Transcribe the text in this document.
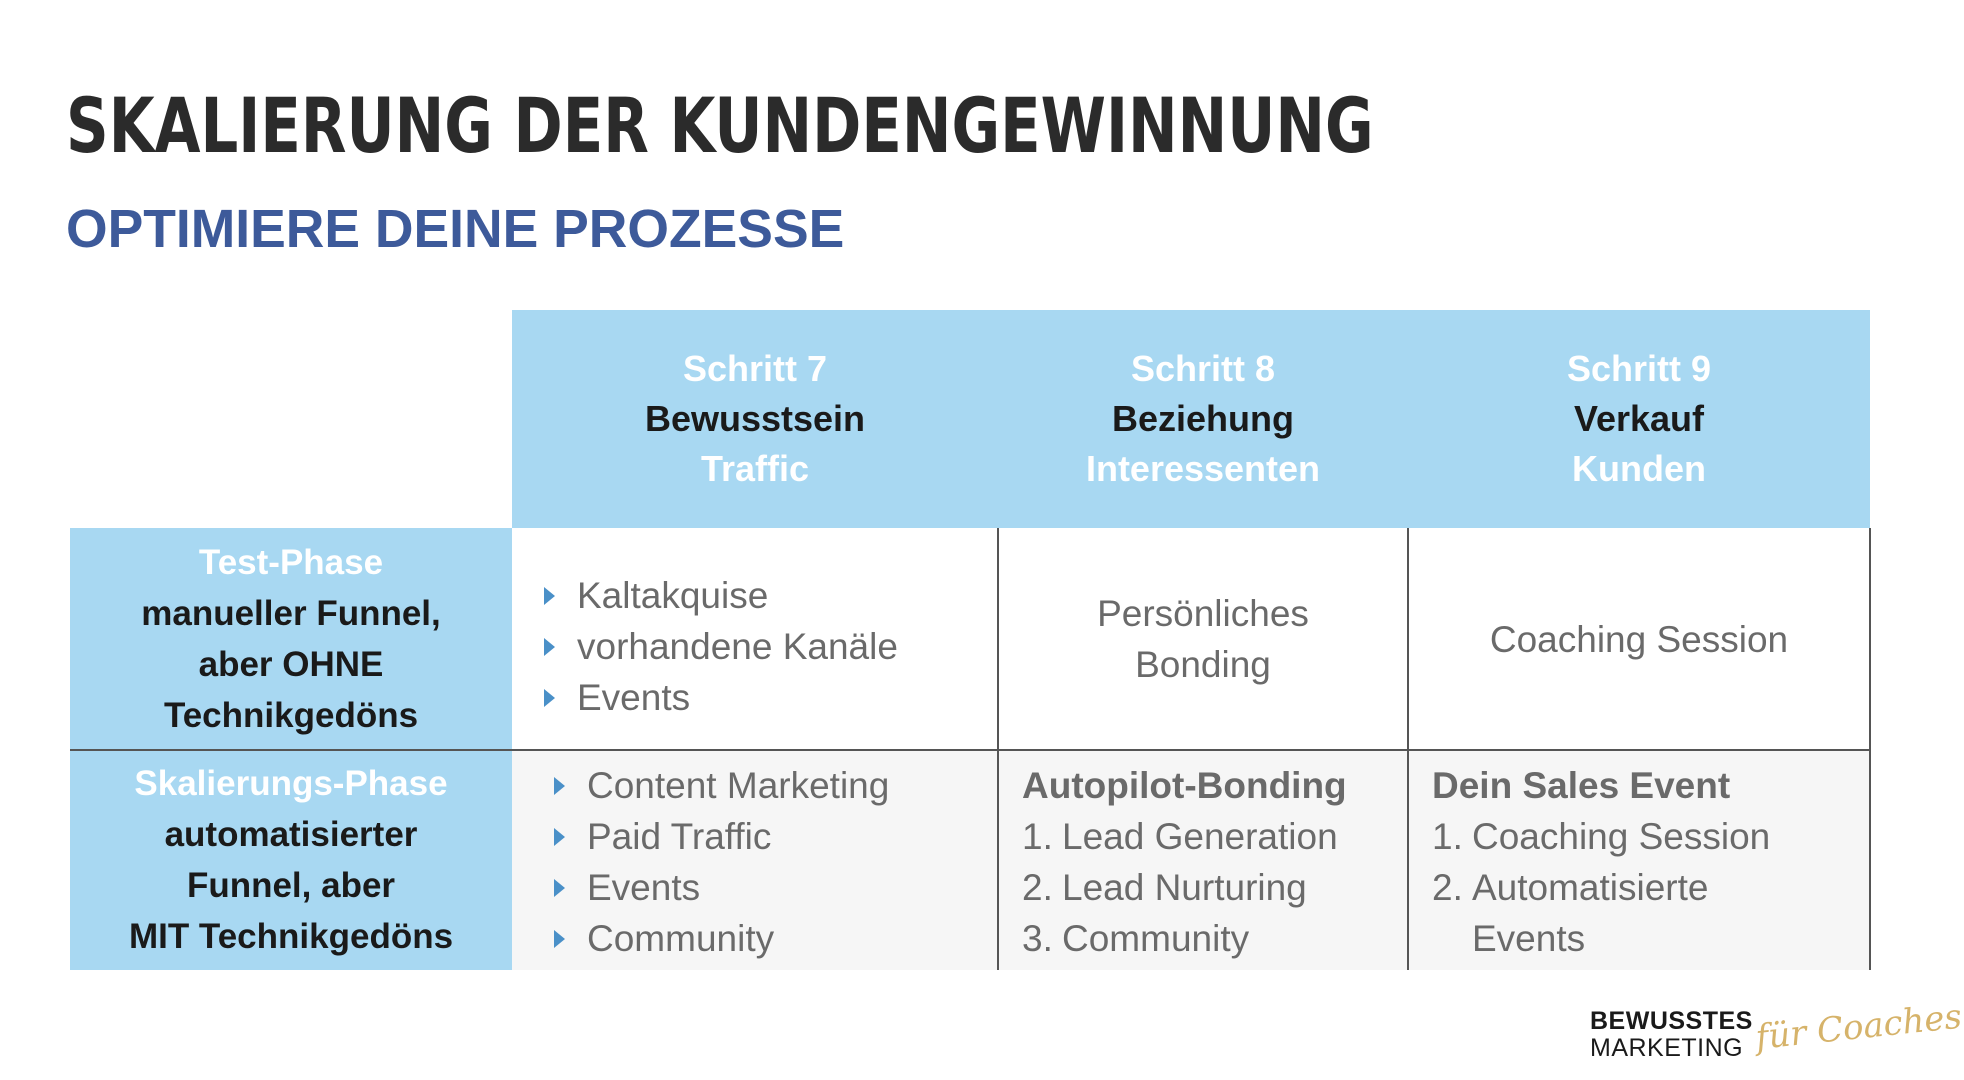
SKALIERUNG DER KUNDENGEWINNUNG
OPTIMIERE DEINE PROZESSE
Schritt 7
Bewusstsein
Traffic
Schritt 8
Beziehung
Interessenten
Schritt 9
Verkauf
Kunden
Test-Phase
manueller Funnel,
aber OHNE
Technikgedöns
Kaltakquise
vorhandene Kanäle
Events
Persönliches
Bonding
Coaching Session
Skalierungs-Phase
automatisierter
Funnel, aber
MIT Technikgedöns
Content Marketing
Paid Traffic
Events
Community
Autopilot-Bonding
1. Lead Generation
2. Lead Nurturing
3. Community
Dein Sales Event
1. Coaching Session
2. Automatisierte
Events
BEWUSSTES
MARKETING für Coaches
